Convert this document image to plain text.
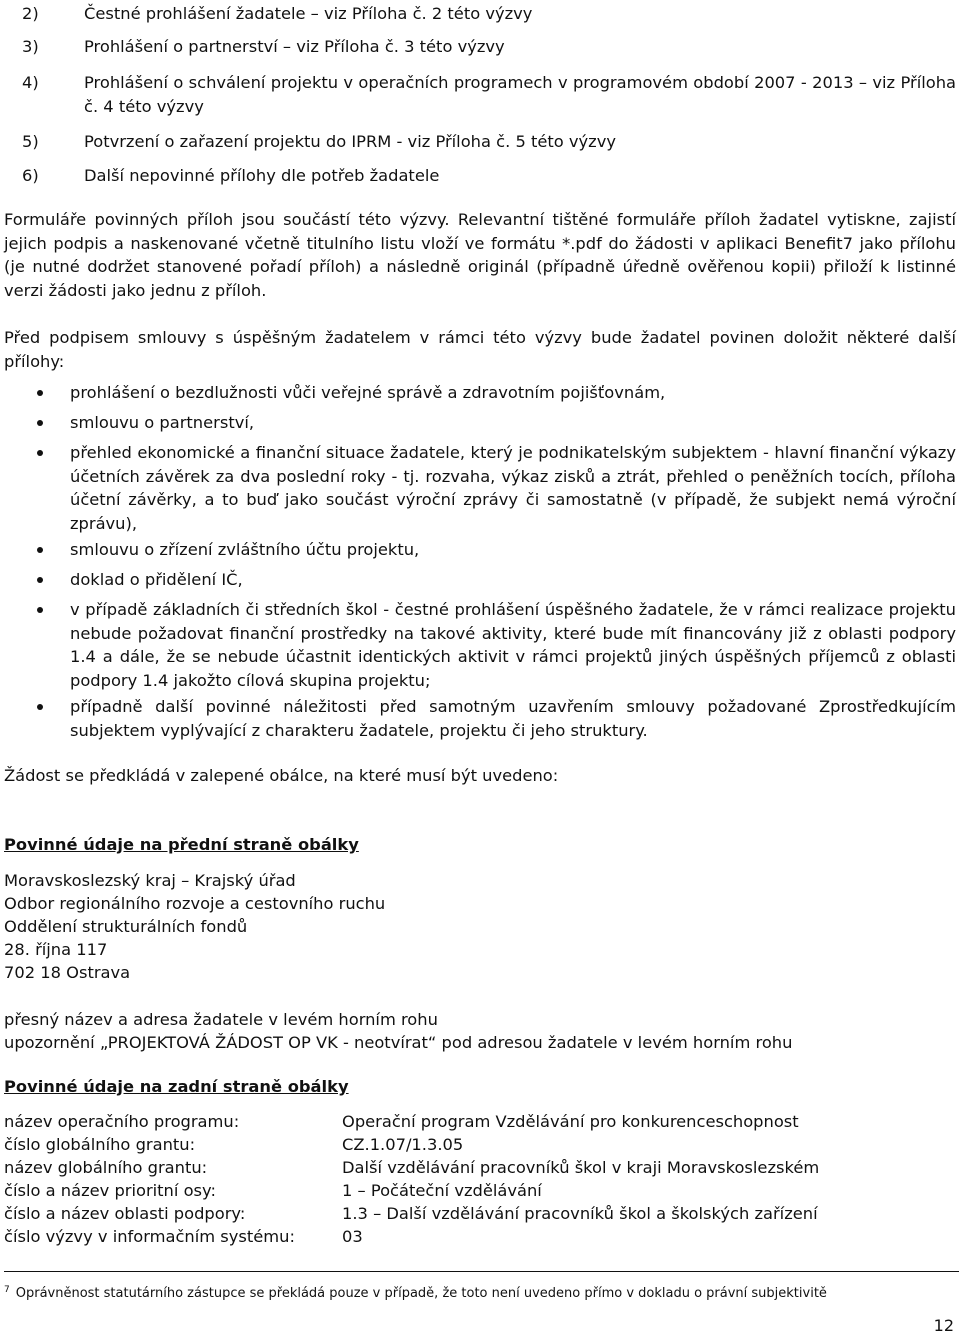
2)	Čestné prohlášení žadatele – viz Příloha č. 2 této výzvy
3)	Prohlášení o partnerství – viz Příloha č. 3 této výzvy
4)	Prohlášení o schválení projektu v operačních programech v programovém období 2007 - 2013 – viz Příloha č. 4 této výzvy
5)	Potvrzení o zařazení projektu do IPRM - viz Příloha č. 5 této výzvy
6)	Další nepovinné přílohy dle potřeb žadatele
Formuláře povinných příloh jsou součástí této výzvy. Relevantní tištěné formuláře příloh žadatel vytiskne, zajistí jejich podpis a naskenované včetně titulního listu vloží ve formátu *.pdf do žádosti v aplikaci Benefit7 jako přílohu (je nutné dodržet stanovené pořadí příloh) a následně originál (případně úředně ověřenou kopii) přiloží k listinné verzi žádosti jako jednu z příloh.
Před podpisem smlouvy s úspěšným žadatelem v rámci této výzvy bude žadatel povinen doložit některé další přílohy:
prohlášení o bezdlužnosti vůči veřejné správě a zdravotním pojišťovnám,
smlouvu o partnerství,
přehled ekonomické a finanční situace žadatele, který je podnikatelským subjektem - hlavní finanční výkazy účetních závěrek za dva poslední roky - tj. rozvaha, výkaz zisků a ztrát, přehled o peněžních tocích, příloha účetní závěrky, a to buď jako součást výroční zprávy či samostatně (v případě, že subjekt nemá výroční zprávu),
smlouvu o zřízení zvláštního účtu projektu,
doklad o přidělení IČ,
v případě základních či středních škol - čestné prohlášení úspěšného žadatele, že v rámci realizace projektu nebude požadovat finanční prostředky na takové aktivity, které bude mít financovány již z oblasti podpory 1.4 a dále, že se nebude účastnit identických aktivit v rámci projektů jiných úspěšných příjemců z oblasti podpory 1.4 jakožto cílová skupina projektu;
případně další povinné náležitosti před samotným uzavřením smlouvy požadované Zprostředkujícím subjektem vyplývající z charakteru žadatele, projektu či jeho struktury.
Žádost se předkládá v zalepené obálce, na které musí být uvedeno:
Povinné údaje na přední straně obálky
Moravskoslezský kraj – Krajský úřad
Odbor regionálního rozvoje a cestovního ruchu
Oddělení strukturálních fondů
28. října 117
702 18 Ostrava
přesný název a adresa žadatele v levém horním rohu
upozornění „PROJEKTOVÁ ŽÁDOST OP VK - neotvírat“ pod adresou žadatele v levém horním rohu
Povinné údaje na zadní straně obálky
název operačního programu:	Operační program Vzdělávání pro konkurenceschopnost
číslo globálního grantu:	CZ.1.07/1.3.05
název globálního grantu:	Další vzdělávání pracovníků škol v kraji Moravskoslezském
číslo a název prioritní osy:	1 – Počáteční vzdělávání
číslo a název oblasti podpory:	1.3 – Další vzdělávání pracovníků škol a školských zařízení
číslo výzvy v informačním systému:	03
$^7$ Oprávněnost statutárního zástupce se překládá pouze v případě, že toto není uvedeno přímo v dokladu o právní subjektivitě
12
